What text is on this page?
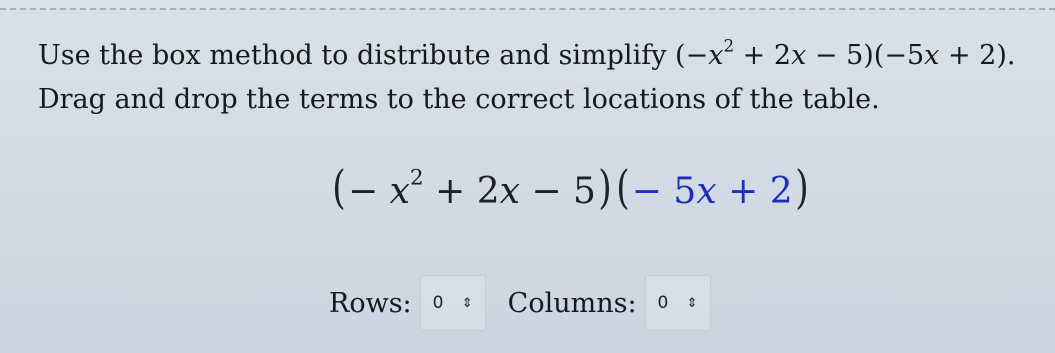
Use the box method to distribute and simplify $(-x^2 + 2x - 5)(-5x + 2)$.
Drag and drop the terms to the correct locations of the table.
(− $x^2 + 2x - 5)(- 5x + 2)$
Rows: 0 ⇕ Columns: 0 ⇕
